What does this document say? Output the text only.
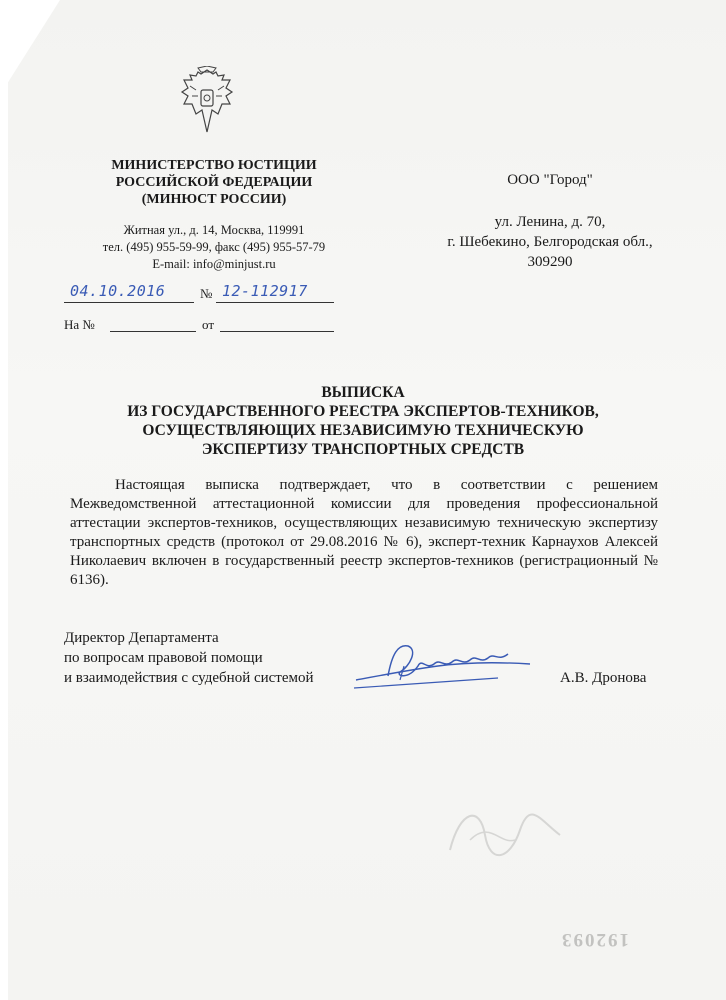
МИНИСТЕРСТВО ЮСТИЦИИ
РОССИЙСКОЙ ФЕДЕРАЦИИ
(МИНЮСТ РОССИИ)
Житная ул., д. 14, Москва, 119991
тел. (495) 955-59-99, факс (495) 955-57-79
E-mail: info@minjust.ru
ООО "Город"
ул. Ленина, д. 70,
г. Шебекино, Белгородская обл.,
309290
04.10.2016	№ 12-112917
На №	от
ВЫПИСКА
ИЗ ГОСУДАРСТВЕННОГО РЕЕСТРА ЭКСПЕРТОВ-ТЕХНИКОВ,
ОСУЩЕСТВЛЯЮЩИХ НЕЗАВИСИМУЮ ТЕХНИЧЕСКУЮ
ЭКСПЕРТИЗУ ТРАНСПОРТНЫХ СРЕДСТВ

Настоящая выписка подтверждает, что в соответствии с решением Межведомственной аттестационной комиссии для проведения профессиональной аттестации экспертов-техников, осуществляющих независимую техническую экспертизу транспортных средств (протокол от 29.08.2016 № 6), эксперт-техник Карнаухов Алексей Николаевич включен в государственный реестр экспертов-техников (регистрационный № 6136).

Директор Департамента
по вопросам правовой помощи
и взаимодействия с судебной системой	А.В. Дронова
192093
